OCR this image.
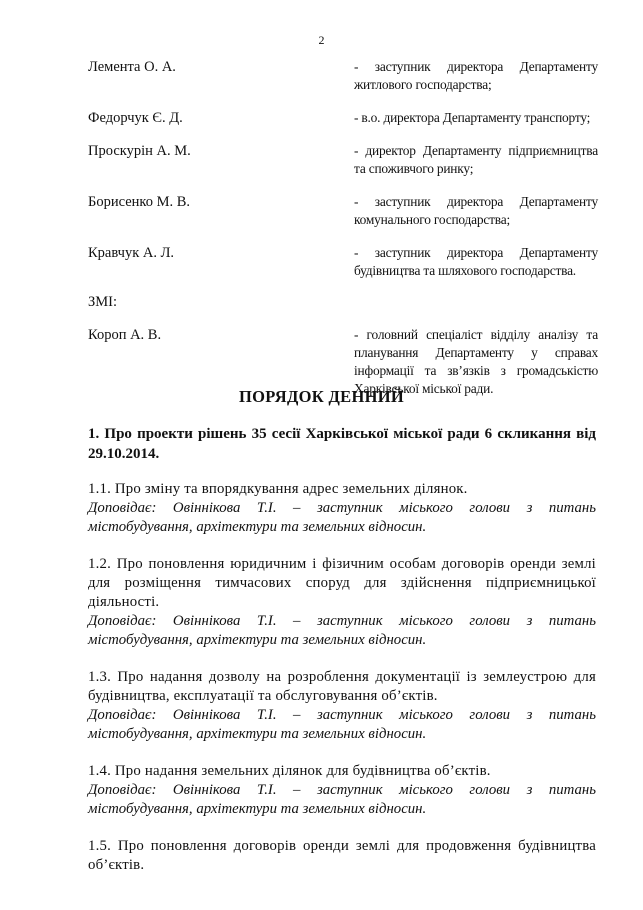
2
Лемента О. А.	- заступник директора Департаменту житлового господарства;
Федорчук Є. Д.	- в.о. директора Департаменту транспорту;
Проскурін А. М.	- директор Департаменту підприємництва та споживчого ринку;
Борисенко М. В.	- заступник директора Департаменту комунального господарства;
Кравчук А. Л.	- заступник директора Департаменту будівництва та шляхового господарства.
ЗМІ:
Короп А. В.	- головний спеціаліст відділу аналізу та планування Департаменту у справах інформації та зв’язків з громадськістю Харківської міської ради.
ПОРЯДОК ДЕННИЙ
1. Про проекти рішень 35 сесії Харківської міської ради 6 скликання від 29.10.2014.
1.1. Про зміну та впорядкування адрес земельних ділянок.
Доповідає: Овіннікова Т.І. – заступник міського голови з питань містобудування, архітектури та земельних відносин.
1.2. Про поновлення юридичним і фізичним особам договорів оренди землі для розміщення тимчасових споруд для здійснення підприємницької діяльності.
Доповідає: Овіннікова Т.І. – заступник міського голови з питань містобудування, архітектури та земельних відносин.
1.3. Про надання дозволу на розроблення документації із землеустрою для будівництва, експлуатації та обслуговування об’єктів.
Доповідає: Овіннікова Т.І. – заступник міського голови з питань містобудування, архітектури та земельних відносин.
1.4. Про надання земельних ділянок для будівництва об’єктів.
Доповідає: Овіннікова Т.І. – заступник міського голови з питань містобудування, архітектури та земельних відносин.
1.5. Про поновлення договорів оренди землі для продовження будівництва об’єктів.
